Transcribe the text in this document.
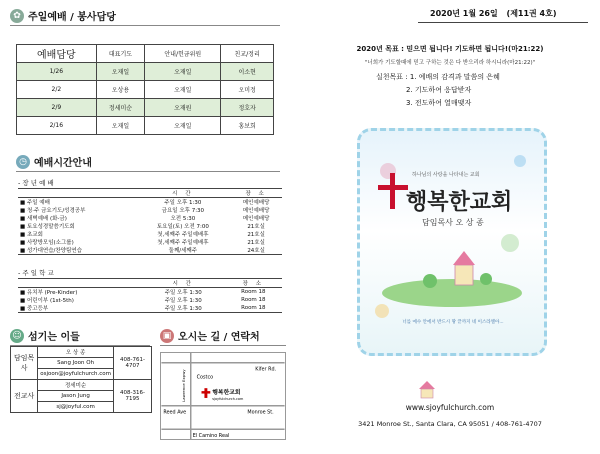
✿ 주일예배 / 봉사담당
예배담당	대표기도	안내/헌금위원	친교/정리
1/26	오재일	오재일	이소현
2/2	오상용	오재일	오미정
2/9	정세미순	오재원	정호자
2/16	오재일	오재일	홍보희
◷ 예배시간안내
- 장 년 예 배
	시 간	장 소
■ 주일 예배	주일 오후 1:30	메인예배당
■ 청·주 금요기도/성경공부	금요일 오후 7:30	메인예배당
■ 새벽예배 (화-금)	오전 5:30	메인예배당
■ 토요성경말씀기도회	토요일(토) 오전 7:00	21호실
■ 초교회	첫,세째주 주일예배후	21호실
■ 사랑방모임(소그룹)	첫,세째주 주일예배후	21호실
■ 성가대연습/찬양팀연습	둘째/세째주	24호실
- 주 일 학 교
	시 간	장 소
■ 유치부 (Pre-Kinder)	주일 오후 1:30	Room 18
■ 어린이부 (1st-5th)	주일 오후 1:30	Room 18
■ 중고등부	주일 오후 1:30	Room 18
☺ 섬기는 이들
담임목사	오 상 종	408-761-4707
	Sang Joon Oh	
	osjoon@joyfulchurch.com	
전교사	정세미순	408-316-7195
	Jason Jung	
	sj@joyful.com	
▣ 오시는 길 / 연락처
Kifer Rd.
Costco
Lawrence Expwy
Reed Ave	Monroe St.
El Camino Real
행복한교회
sjoyfulchurch.com
2020년 1월 26일 (제11권 4호)
2020년 목표 : 믿으면 됩니다! 기도하면 됩니다!(마21:22)
"너희가 기도할때에 믿고 구하는 것은 다 받으리라 하시니라(마21:22)"
실천목표 : 1. 예배의 감격과 말씀의 은혜
2. 기도하여 응답받자
3. 전도하여 열매맺자
하나님의 사랑을 나타내는 교회
행복한교회
담임목사 오 상 종
너를 예수 안에서 반드시 땅 끝까지 네 이스라엘아...
www.sjoyfulchurch.com
3421 Monroe St., Santa Clara, CA 95051 / 408-761-4707
